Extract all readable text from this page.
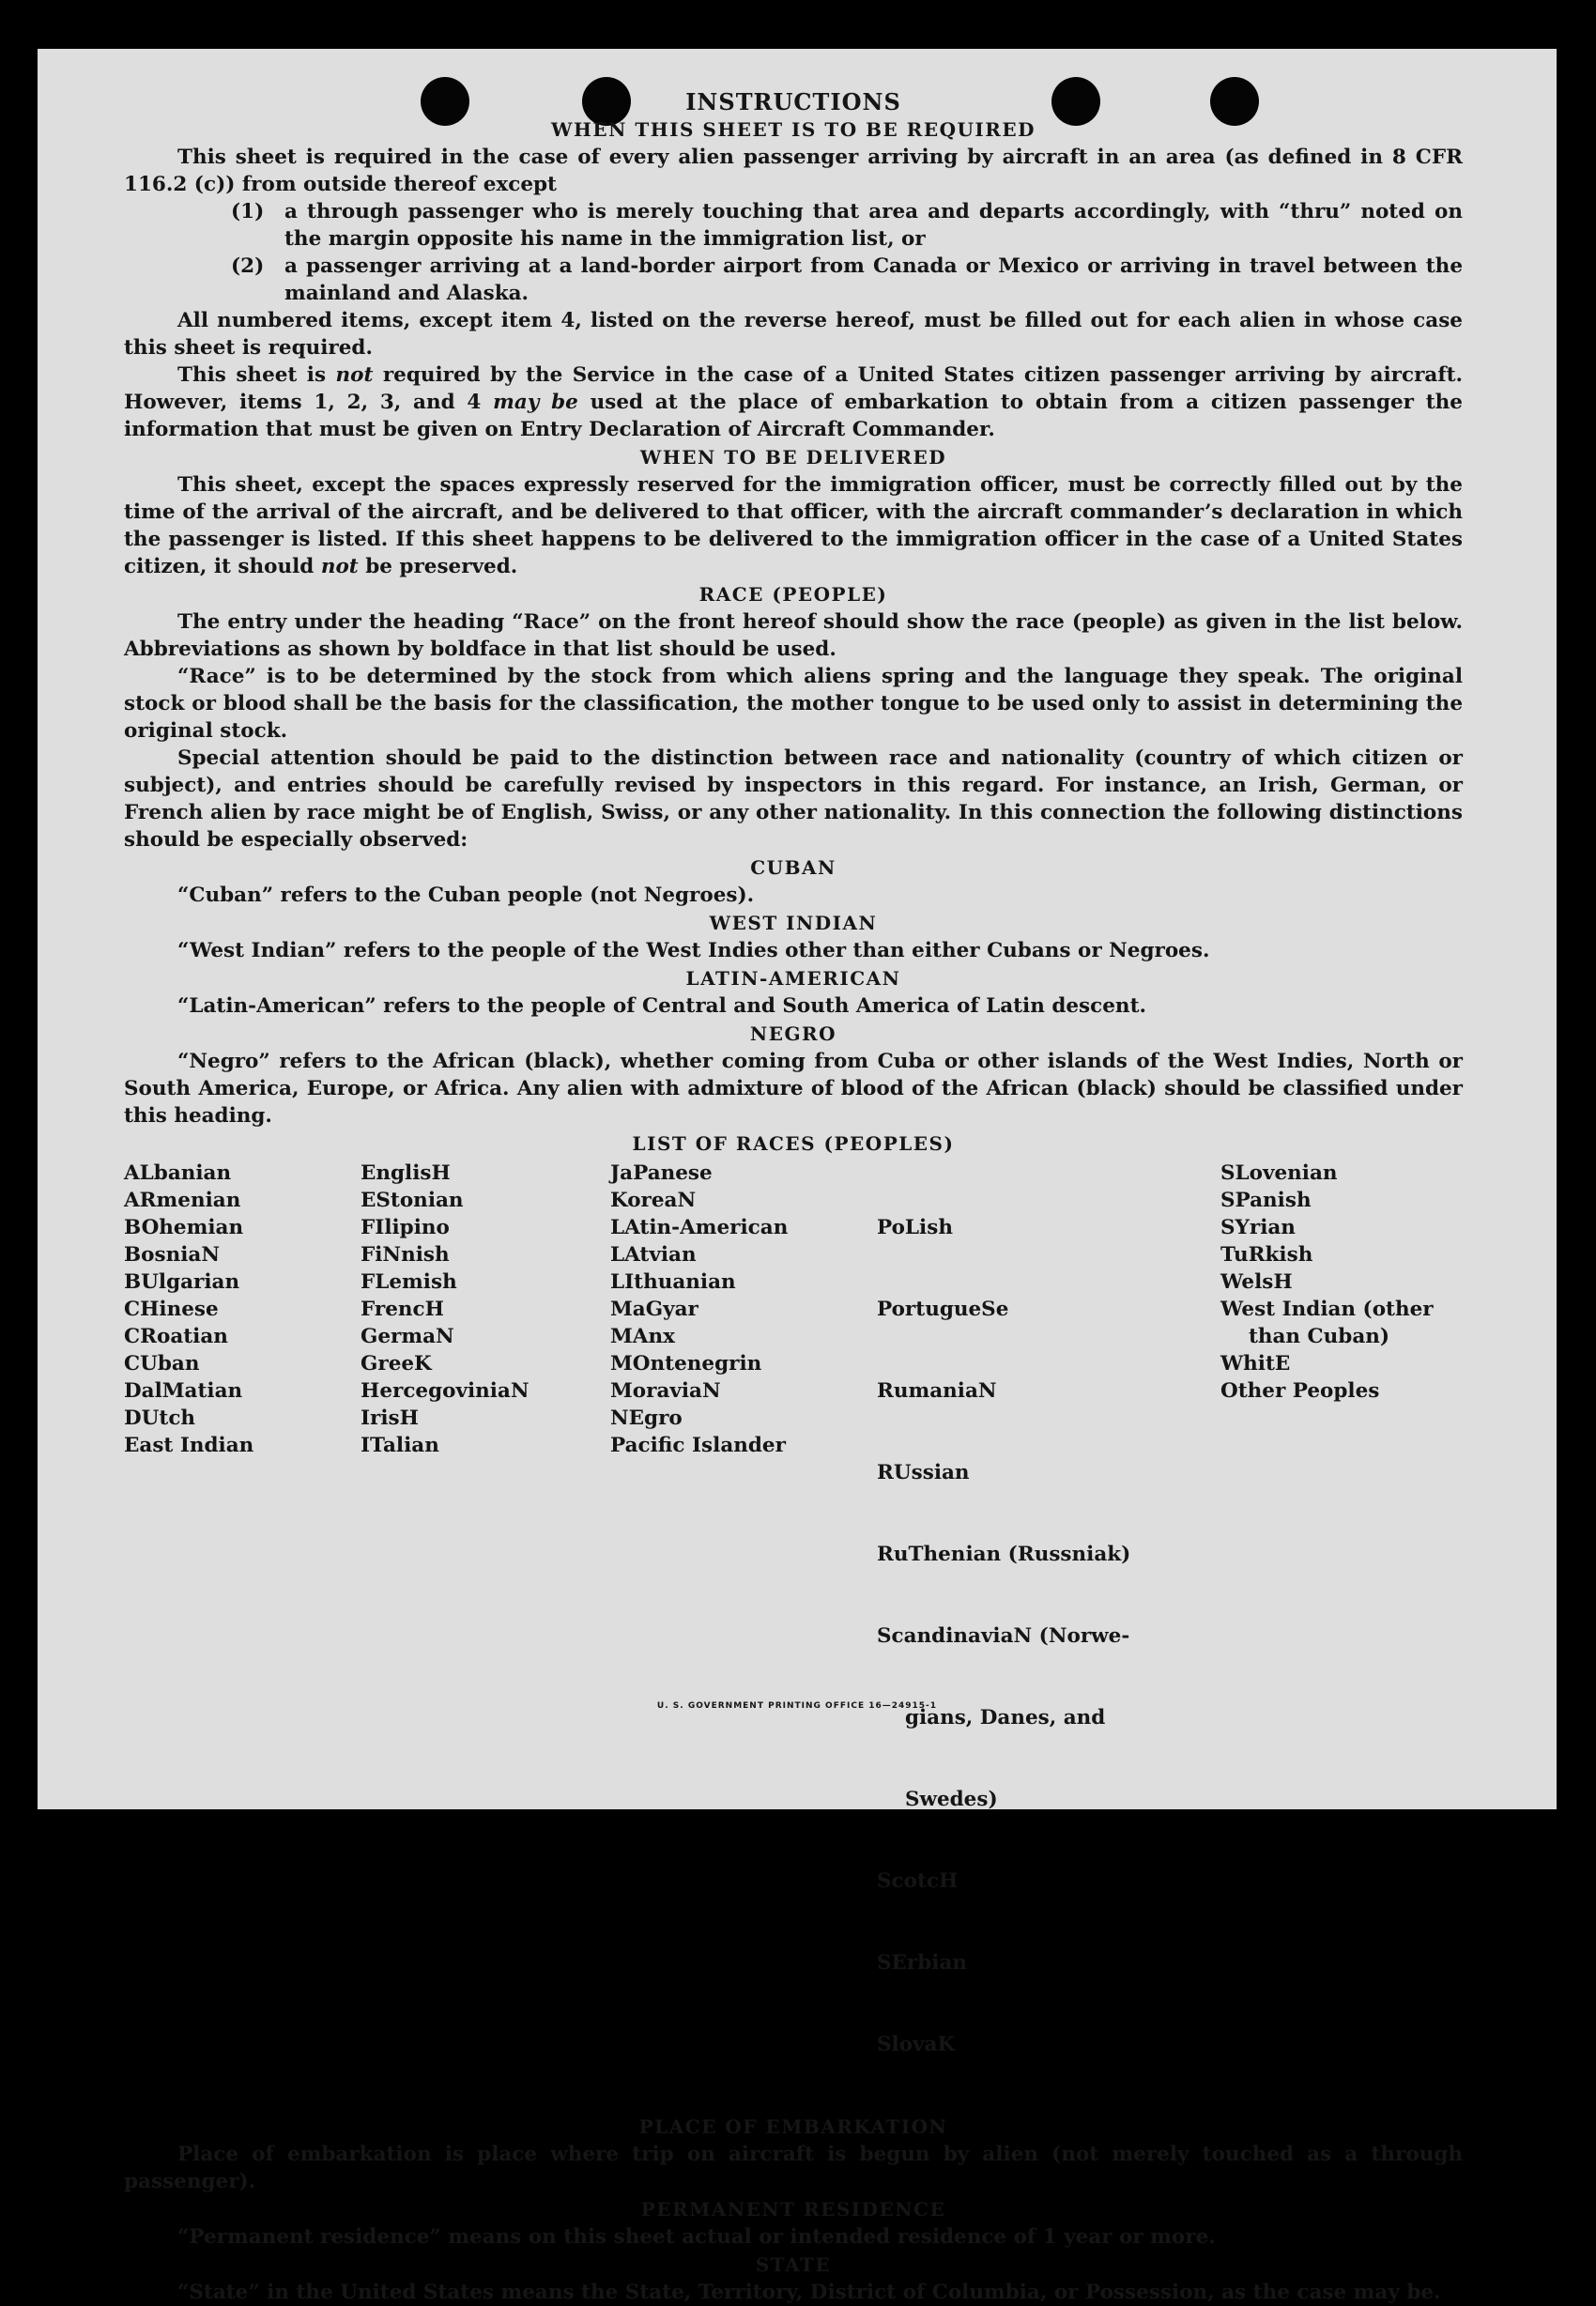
INSTRUCTIONS
WHEN THIS SHEET IS TO BE REQUIRED

This sheet is required in the case of every alien passenger arriving by aircraft in an area (as defined in 8 CFR 116.2 (c)) from outside thereof except

(1)	a through passenger who is merely touching that area and departs accordingly, with “thru” noted on the margin opposite his name in the immigration list, or
(2)	a passenger arriving at a land-border airport from Canada or Mexico or arriving in travel between the mainland and Alaska.

All numbered items, except item 4, listed on the reverse hereof, must be filled out for each alien in whose case this sheet is required.

This sheet is not required by the Service in the case of a United States citizen passenger arriving by aircraft. However, items 1, 2, 3, and 4 may be used at the place of embarkation to obtain from a citizen passenger the information that must be given on Entry Declaration of Aircraft Commander.

WHEN TO BE DELIVERED

This sheet, except the spaces expressly reserved for the immigration officer, must be correctly filled out by the time of the arrival of the aircraft, and be delivered to that officer, with the aircraft commander’s declaration in which the passenger is listed. If this sheet happens to be delivered to the immigration officer in the case of a United States citizen, it should not be preserved.

RACE (PEOPLE)

The entry under the heading “Race” on the front hereof should show the race (people) as given in the list below. Abbreviations as shown by boldface in that list should be used.

“Race” is to be determined by the stock from which aliens spring and the language they speak. The original stock or blood shall be the basis for the classification, the mother tongue to be used only to assist in determining the original stock.

Special attention should be paid to the distinction between race and nationality (country of which citizen or subject), and entries should be carefully revised by inspectors in this regard. For instance, an Irish, German, or French alien by race might be of English, Swiss, or any other nationality. In this connection the following distinctions should be especially observed:

CUBAN

“Cuban” refers to the Cuban people (not Negroes).

WEST INDIAN

“West Indian” refers to the people of the West Indies other than either Cubans or Negroes.

LATIN-AMERICAN

“Latin-American” refers to the people of Central and South America of Latin descent.

NEGRO

“Negro” refers to the African (black), whether coming from Cuba or other islands of the West Indies, North or South America, Europe, or Africa. Any alien with admixture of blood of the African (black) should be classified under this heading.

LIST OF RACES (PEOPLES)
ALbanian
ARmenian
BOhemian
BosniaN
BUlgarian
CHinese
CRoatian
CUban
DalMatian
DUtch
East Indian
EnglisH
EStonian
FIlipino
FiNnish
FLemish
FrencH
GermaN
GreeK
HercegoviniaN
IrisH
ITalian
JaPanese
KoreaN
LAtin-American
LAtvian
LIthuanian
MaGyar
MAnx
MOntenegrin
MoraviaN
NEgro
Pacific Islander

PoLish

PortugueSe

RumaniaN

RUssian

RuThenian (Russniak)

ScandinaviaN (Norwe-

gians, Danes, and

Swedes)

ScotcH

SErbian

SlovaK

SLovenian
SPanish
SYrian
TuRkish
WelsH
West Indian (other
than Cuban)
WhitE
Other Peoples
PLACE OF EMBARKATION

Place of embarkation is place where trip on aircraft is begun by alien (not merely touched as a through passenger).

PERMANENT RESIDENCE

“Permanent residence” means on this sheet actual or intended residence of 1 year or more.

STATE

“State” in the United States means the State, Territory, District of Columbia, or Possession, as the case may be.

U. S. GOVERNMENT PRINTING OFFICE 16—24915-1
